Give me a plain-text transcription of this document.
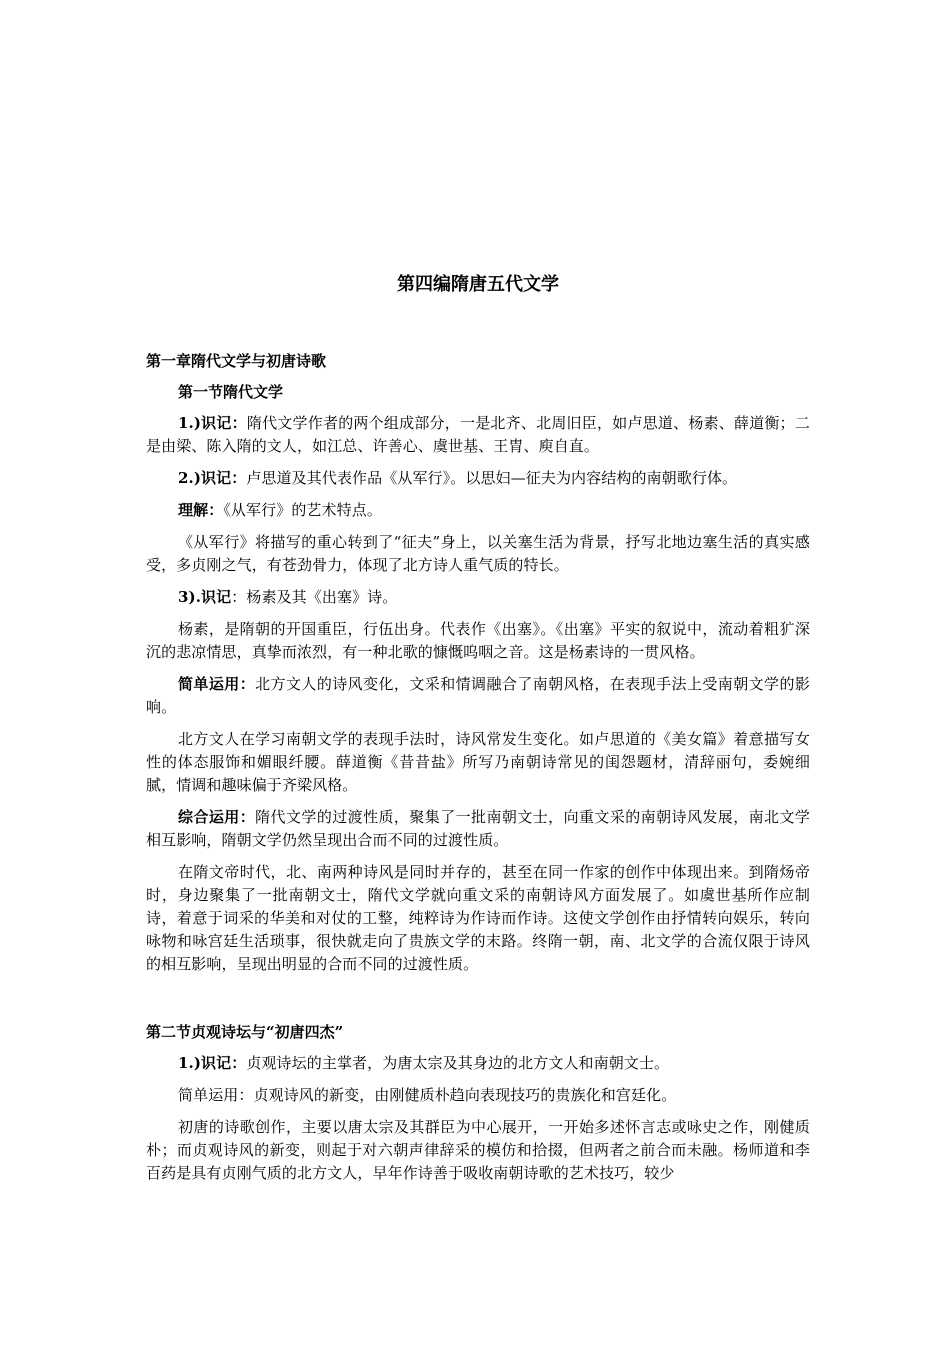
第四编隋唐五代文学
第一章隋代文学与初唐诗歌
第一节隋代文学
1.)识记：隋代文学作者的两个组成部分，一是北齐、北周旧臣，如卢思道、杨素、薛道衡；二是由梁、陈入隋的文人，如江总、许善心、虞世基、王胄、庾自直。
2.)识记：卢思道及其代表作品《从军行》。以思妇—征夫为内容结构的南朝歌行体。
理解：《从军行》的艺术特点。
《从军行》将描写的重心转到了“征夫”身上，以关塞生活为背景，抒写北地边塞生活的真实感受，多贞刚之气，有苍劲骨力，体现了北方诗人重气质的特长。
3).识记：杨素及其《出塞》诗。
杨素，是隋朝的开国重臣，行伍出身。代表作《出塞》。《出塞》平实的叙说中，流动着粗犷深沉的悲凉情思，真挚而浓烈，有一种北歌的慷慨呜咽之音。这是杨素诗的一贯风格。
简单运用：北方文人的诗风变化，文采和情调融合了南朝风格，在表现手法上受南朝文学的影响。
北方文人在学习南朝文学的表现手法时，诗风常发生变化。如卢思道的《美女篇》着意描写女性的体态服饰和媚眼纤腰。薛道衡《昔昔盐》所写乃南朝诗常见的闺怨题材，清辞丽句，委婉细腻，情调和趣味偏于齐梁风格。
综合运用：隋代文学的过渡性质，聚集了一批南朝文士，向重文采的南朝诗风发展，南北文学相互影响，隋朝文学仍然呈现出合而不同的过渡性质。
在隋文帝时代，北、南两种诗风是同时并存的，甚至在同一作家的创作中体现出来。到隋炀帝时，身边聚集了一批南朝文士，隋代文学就向重文采的南朝诗风方面发展了。如虞世基所作应制诗，着意于词采的华美和对仗的工整，纯粹诗为作诗而作诗。这使文学创作由抒情转向娱乐，转向咏物和咏宫廷生活琐事，很快就走向了贵族文学的末路。终隋一朝，南、北文学的合流仅限于诗风的相互影响，呈现出明显的合而不同的过渡性质。
第二节贞观诗坛与“初唐四杰”
1.)识记：贞观诗坛的主掌者，为唐太宗及其身边的北方文人和南朝文士。
简单运用：贞观诗风的新变，由刚健质朴趋向表现技巧的贵族化和宫廷化。
初唐的诗歌创作，主要以唐太宗及其群臣为中心展开，一开始多述怀言志或咏史之作，刚健质朴；而贞观诗风的新变，则起于对六朝声律辞采的模仿和拾掇，但两者之前合而未融。杨师道和李百药是具有贞刚气质的北方文人，早年作诗善于吸收南朝诗歌的艺术技巧，较少
